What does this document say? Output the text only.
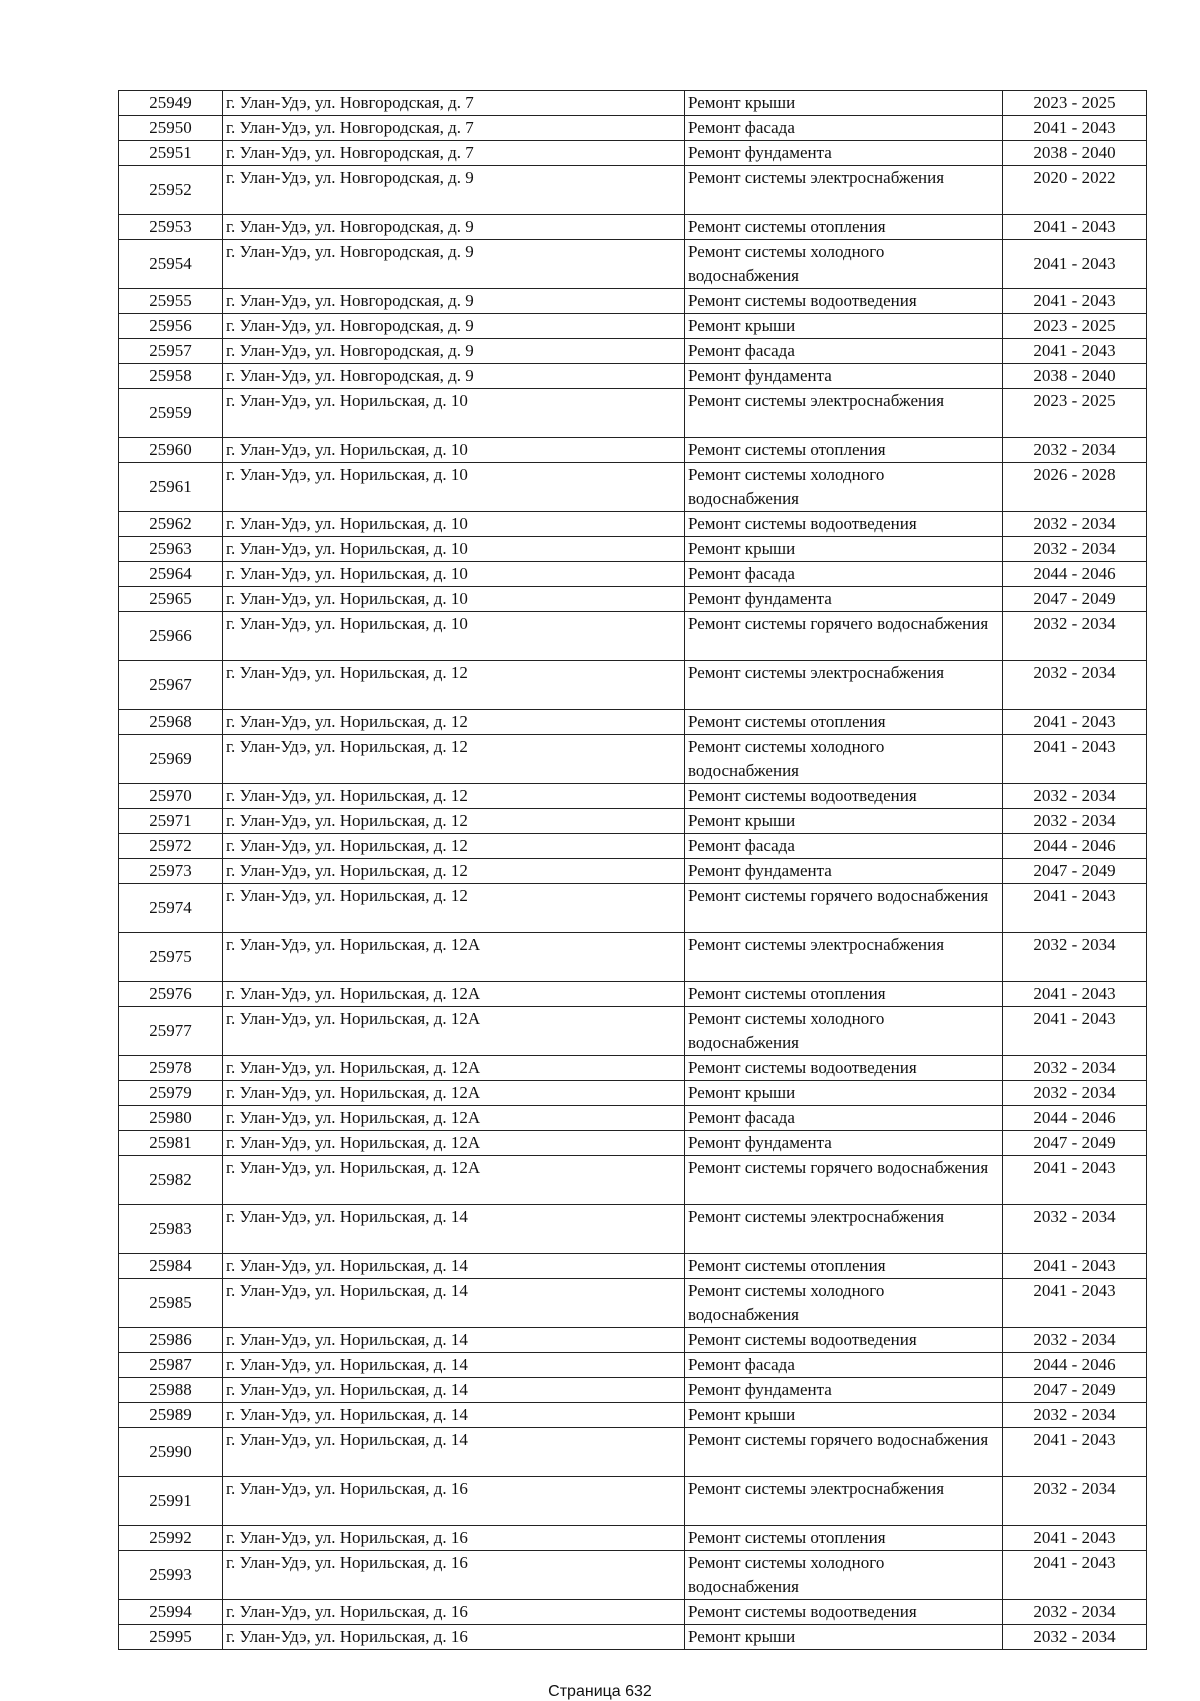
25949	г. Улан-Удэ, ул. Новгородская, д. 7	Ремонт крыши	2023 - 2025
25950	г. Улан-Удэ, ул. Новгородская, д. 7	Ремонт фасада	2041 - 2043
25951	г. Улан-Удэ, ул. Новгородская, д. 7	Ремонт фундамента	2038 - 2040
25952	г. Улан-Удэ, ул. Новгородская, д. 9	Ремонт системы электроснабжения	2020 - 2022
25953	г. Улан-Удэ, ул. Новгородская, д. 9	Ремонт системы отопления	2041 - 2043
25954	г. Улан-Удэ, ул. Новгородская, д. 9	Ремонт системы холодного водоснабжения	2041 - 2043
25955	г. Улан-Удэ, ул. Новгородская, д. 9	Ремонт системы водоотведения	2041 - 2043
25956	г. Улан-Удэ, ул. Новгородская, д. 9	Ремонт крыши	2023 - 2025
25957	г. Улан-Удэ, ул. Новгородская, д. 9	Ремонт фасада	2041 - 2043
25958	г. Улан-Удэ, ул. Новгородская, д. 9	Ремонт фундамента	2038 - 2040
25959	г. Улан-Удэ, ул. Норильская, д. 10	Ремонт системы электроснабжения	2023 - 2025
25960	г. Улан-Удэ, ул. Норильская, д. 10	Ремонт системы отопления	2032 - 2034
25961	г. Улан-Удэ, ул. Норильская, д. 10	Ремонт системы холодного водоснабжения	2026 - 2028
25962	г. Улан-Удэ, ул. Норильская, д. 10	Ремонт системы водоотведения	2032 - 2034
25963	г. Улан-Удэ, ул. Норильская, д. 10	Ремонт крыши	2032 - 2034
25964	г. Улан-Удэ, ул. Норильская, д. 10	Ремонт фасада	2044 - 2046
25965	г. Улан-Удэ, ул. Норильская, д. 10	Ремонт фундамента	2047 - 2049
25966	г. Улан-Удэ, ул. Норильская, д. 10	Ремонт системы горячего водоснабжения	2032 - 2034
25967	г. Улан-Удэ, ул. Норильская, д. 12	Ремонт системы электроснабжения	2032 - 2034
25968	г. Улан-Удэ, ул. Норильская, д. 12	Ремонт системы отопления	2041 - 2043
25969	г. Улан-Удэ, ул. Норильская, д. 12	Ремонт системы холодного водоснабжения	2041 - 2043
25970	г. Улан-Удэ, ул. Норильская, д. 12	Ремонт системы водоотведения	2032 - 2034
25971	г. Улан-Удэ, ул. Норильская, д. 12	Ремонт крыши	2032 - 2034
25972	г. Улан-Удэ, ул. Норильская, д. 12	Ремонт фасада	2044 - 2046
25973	г. Улан-Удэ, ул. Норильская, д. 12	Ремонт фундамента	2047 - 2049
25974	г. Улан-Удэ, ул. Норильская, д. 12	Ремонт системы горячего водоснабжения	2041 - 2043
25975	г. Улан-Удэ, ул. Норильская, д. 12А	Ремонт системы электроснабжения	2032 - 2034
25976	г. Улан-Удэ, ул. Норильская, д. 12А	Ремонт системы отопления	2041 - 2043
25977	г. Улан-Удэ, ул. Норильская, д. 12А	Ремонт системы холодного водоснабжения	2041 - 2043
25978	г. Улан-Удэ, ул. Норильская, д. 12А	Ремонт системы водоотведения	2032 - 2034
25979	г. Улан-Удэ, ул. Норильская, д. 12А	Ремонт крыши	2032 - 2034
25980	г. Улан-Удэ, ул. Норильская, д. 12А	Ремонт фасада	2044 - 2046
25981	г. Улан-Удэ, ул. Норильская, д. 12А	Ремонт фундамента	2047 - 2049
25982	г. Улан-Удэ, ул. Норильская, д. 12А	Ремонт системы горячего водоснабжения	2041 - 2043
25983	г. Улан-Удэ, ул. Норильская, д. 14	Ремонт системы электроснабжения	2032 - 2034
25984	г. Улан-Удэ, ул. Норильская, д. 14	Ремонт системы отопления	2041 - 2043
25985	г. Улан-Удэ, ул. Норильская, д. 14	Ремонт системы холодного водоснабжения	2041 - 2043
25986	г. Улан-Удэ, ул. Норильская, д. 14	Ремонт системы водоотведения	2032 - 2034
25987	г. Улан-Удэ, ул. Норильская, д. 14	Ремонт фасада	2044 - 2046
25988	г. Улан-Удэ, ул. Норильская, д. 14	Ремонт фундамента	2047 - 2049
25989	г. Улан-Удэ, ул. Норильская, д. 14	Ремонт крыши	2032 - 2034
25990	г. Улан-Удэ, ул. Норильская, д. 14	Ремонт системы горячего водоснабжения	2041 - 2043
25991	г. Улан-Удэ, ул. Норильская, д. 16	Ремонт системы электроснабжения	2032 - 2034
25992	г. Улан-Удэ, ул. Норильская, д. 16	Ремонт системы отопления	2041 - 2043
25993	г. Улан-Удэ, ул. Норильская, д. 16	Ремонт системы холодного водоснабжения	2041 - 2043
25994	г. Улан-Удэ, ул. Норильская, д. 16	Ремонт системы водоотведения	2032 - 2034
25995	г. Улан-Удэ, ул. Норильская, д. 16	Ремонт крыши	2032 - 2034
Страница 632
